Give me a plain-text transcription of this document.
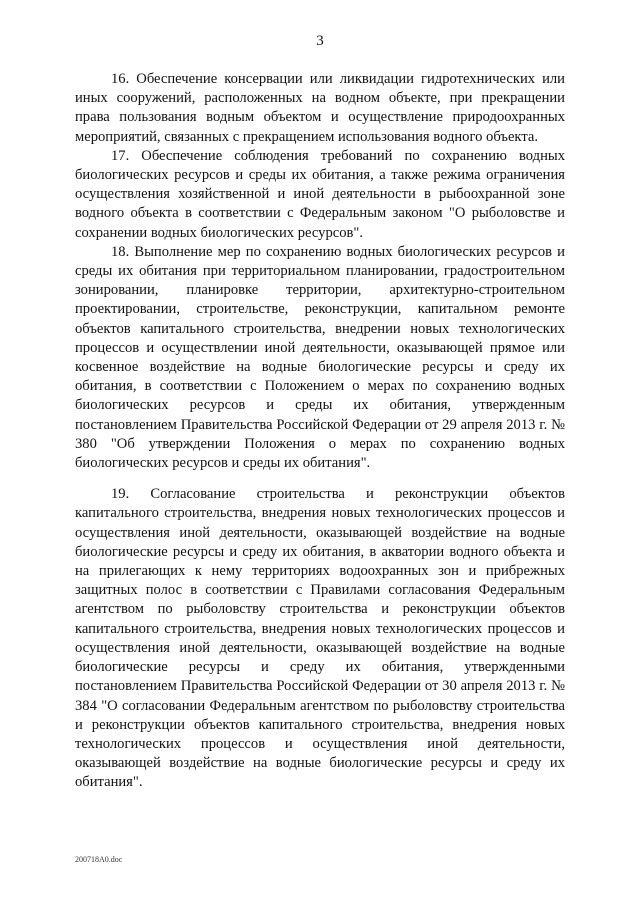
3

16. Обеспечение консервации или ликвидации гидротехнических или иных сооружений, расположенных на водном объекте, при прекращении права пользования водным объектом и осуществление природоохранных мероприятий, связанных с прекращением использования водного объекта.

17. Обеспечение соблюдения требований по сохранению водных биологических ресурсов и среды их обитания, а также режима ограничения осуществления хозяйственной и иной деятельности в рыбоохранной зоне водного объекта в соответствии с Федеральным законом "О рыболовстве и сохранении водных биологических ресурсов".

18. Выполнение мер по сохранению водных биологических ресурсов и среды их обитания при территориальном планировании, градостроительном зонировании, планировке территории, архитектурно-строительном проектировании, строительстве, реконструкции, капитальном ремонте объектов капитального строительства, внедрении новых технологических процессов и осуществлении иной деятельности, оказывающей прямое или косвенное воздействие на водные биологические ресурсы и среду их обитания, в соответствии с Положением о мерах по сохранению водных биологических ресурсов и среды их обитания, утвержденным постановлением Правительства Российской Федерации от 29 апреля 2013 г. № 380 "Об утверждении Положения о мерах по сохранению водных биологических ресурсов и среды их обитания".

19. Согласование строительства и реконструкции объектов капитального строительства, внедрения новых технологических процессов и осуществления иной деятельности, оказывающей воздействие на водные биологические ресурсы и среду их обитания, в акватории водного объекта и на прилегающих к нему территориях водоохранных зон и прибрежных защитных полос в соответствии с Правилами согласования Федеральным агентством по рыболовству строительства и реконструкции объектов капитального строительства, внедрения новых технологических процессов и осуществления иной деятельности, оказывающей воздействие на водные биологические ресурсы и среду их обитания, утвержденными постановлением Правительства Российской Федерации от 30 апреля 2013 г. № 384 "О согласовании Федеральным агентством по рыболовству строительства и реконструкции объектов капитального строительства, внедрения новых технологических процессов и осуществления иной деятельности, оказывающей воздействие на водные биологические ресурсы и среду их обитания".

200718A0.doc
